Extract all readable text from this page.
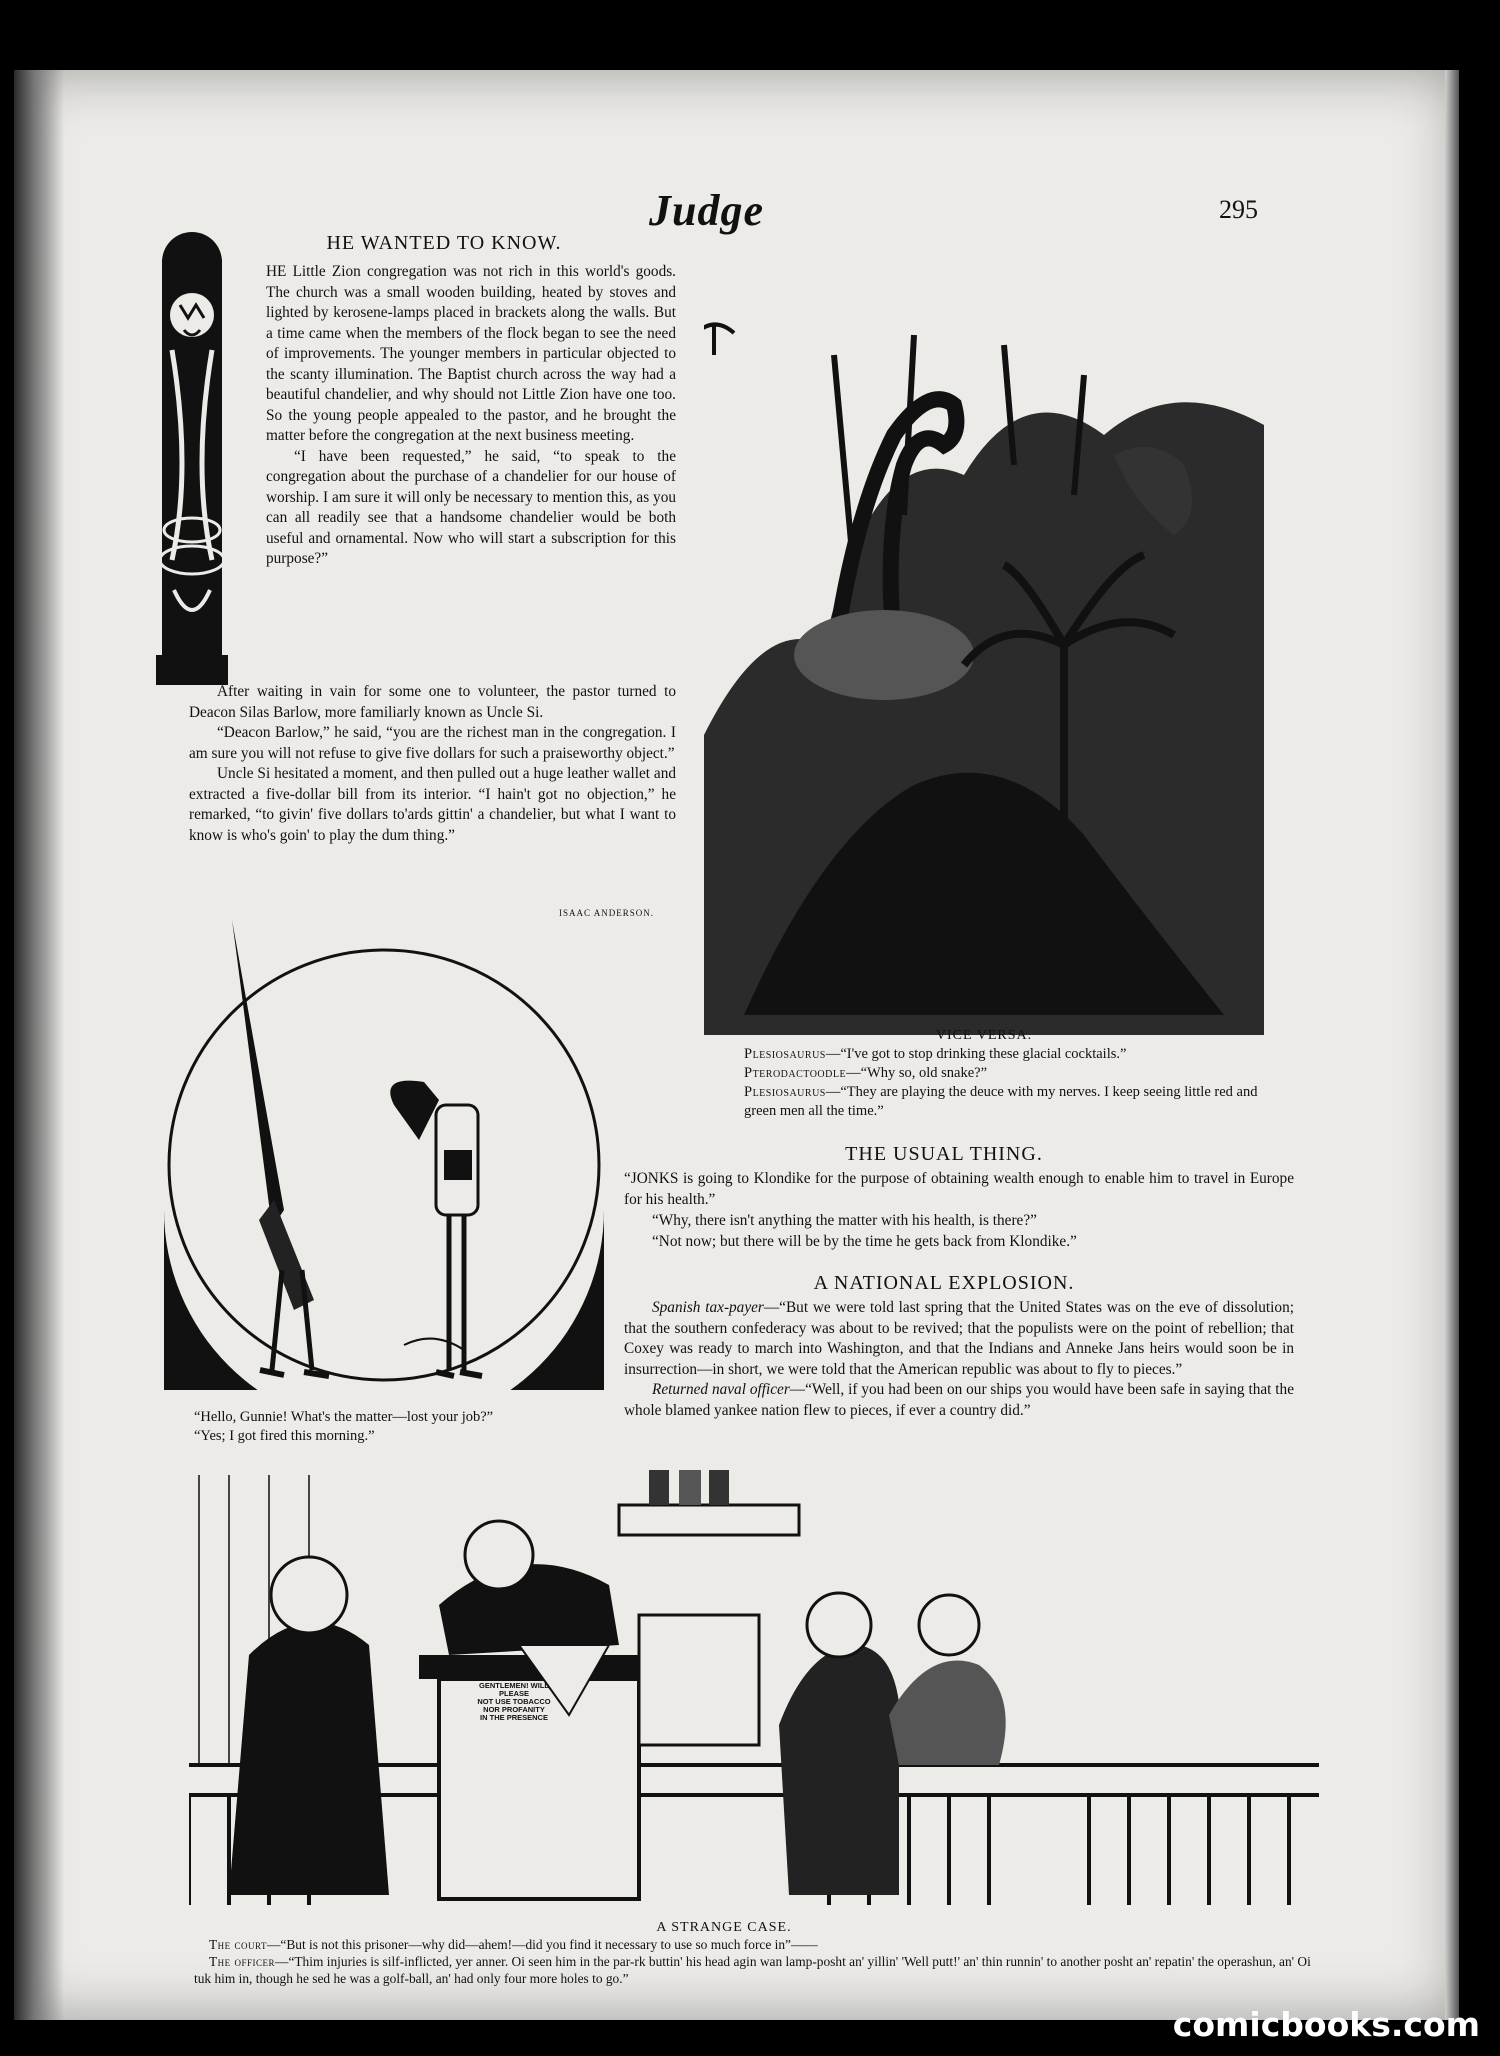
Judge	295
HE WANTED TO KNOW.

HE Little Zion congregation was not rich in this world's goods. The church was a small wooden building, heated by stoves and lighted by kerosene-lamps placed in brackets along the walls. But a time came when the members of the flock began to see the need of improvements. The younger members in particular objected to the scanty illumination. The Baptist church across the way had a beautiful chandelier, and why should not Little Zion have one too. So the young people appealed to the pastor, and he brought the matter before the congregation at the next business meeting.

“I have been requested,” he said, “to speak to the congregation about the purchase of a chandelier for our house of worship. I am sure it will only be necessary to mention this, as you can all readily see that a handsome chandelier would be both useful and ornamental. Now who will start a subscription for this purpose?”

After waiting in vain for some one to volunteer, the pastor turned to Deacon Silas Barlow, more familiarly known as Uncle Si.

“Deacon Barlow,” he said, “you are the richest man in the congregation. I am sure you will not refuse to give five dollars for such a praiseworthy object.”

Uncle Si hesitated a moment, and then pulled out a huge leather wallet and extracted a five-dollar bill from its interior. “I hain't got no objection,” he remarked, “to givin' five dollars to'ards gittin' a chandelier, but what I want to know is who's goin' to play the dum thing.”

ISAAC ANDERSON.
~
VICE VERSA.

Plesiosaurus—“I've got to stop drinking these glacial cocktails.”

Pterodactoodle—“Why so, old snake?”

Plesiosaurus—“They are playing the deuce with my nerves. I keep seeing little red and green men all the time.”

“Hello, Gunnie! What's the matter—lost your job?”

“Yes; I got fired this morning.”

THE USUAL THING.

“JONKS is going to Klondike for the purpose of obtaining wealth enough to enable him to travel in Europe for his health.”

“Why, there isn't anything the matter with his health, is there?”

“Not now; but there will be by the time he gets back from Klondike.”

A NATIONAL EXPLOSION.

Spanish tax-payer—“But we were told last spring that the United States was on the eve of dissolution; that the southern confederacy was about to be revived; that the populists were on the point of rebellion; that Coxey was ready to march into Washington, and that the Indians and Anneke Jans heirs would soon be in insurrection—in short, we were told that the American republic was about to fly to pieces.”

Returned naval officer—“Well, if you had been on our ships you would have been safe in saying that the whole blamed yankee nation flew to pieces, if ever a country did.”

GENTLEMEN! WILL

PLEASE

NOT USE TOBACCO

NOR PROFANITY

IN THE PRESENCE

A STRANGE CASE.

The court—“But is not this prisoner—why did—ahem!—did you find it necessary to use so much force in”——

The officer—“Thim injuries is silf-inflicted, yer anner. Oi seen him in the par-rk buttin' his head agin wan lamp-posht an' yillin' 'Well putt!' an' thin runnin' to another posht an' repatin' the operashun, an' Oi tuk him in, though he sed he was a golf-ball, an' had only four more holes to go.”

comicbooks.com
